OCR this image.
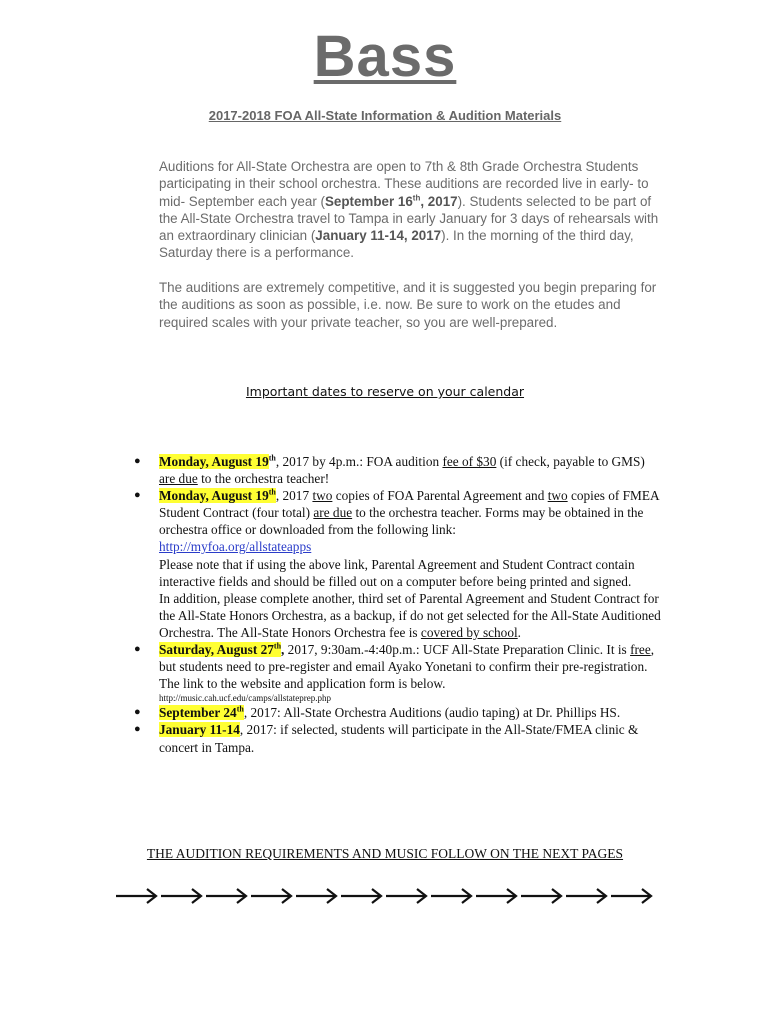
Bass
2017-2018 FOA All-State Information & Audition Materials
Auditions for All-State Orchestra are open to 7th & 8th Grade Orchestra Students participating in their school orchestra. These auditions are recorded live in early- to mid- September each year (September 16th, 2017). Students selected to be part of the All-State Orchestra travel to Tampa in early January for 3 days of rehearsals with an extraordinary clinician (January 11-14, 2017). In the morning of the third day, Saturday there is a performance.
The auditions are extremely competitive, and it is suggested you begin preparing for the auditions as soon as possible, i.e. now. Be sure to work on the etudes and required scales with your private teacher, so you are well-prepared.
Important dates to reserve on your calendar
● Monday, August 19th, 2017 by 4p.m.: FOA audition fee of $30 (if check, payable to GMS) are due to the orchestra teacher!
● Monday, August 19th, 2017 two copies of FOA Parental Agreement and two copies of FMEA Student Contract (four total) are due to the orchestra teacher. Forms may be obtained in the orchestra office or downloaded from the following link:
http://myfoa.org/allstateapps
Please note that if using the above link, Parental Agreement and Student Contract contain interactive fields and should be filled out on a computer before being printed and signed.
In addition, please complete another, third set of Parental Agreement and Student Contract for the All-State Honors Orchestra, as a backup, if do not get selected for the All-State Auditioned Orchestra. The All-State Honors Orchestra fee is covered by school.
● Saturday, August 27th, 2017, 9:30am.-4:40p.m.: UCF All-State Preparation Clinic. It is free, but students need to pre-register and email Ayako Yonetani to confirm their pre-registration. The link to the website and application form is below.
http://music.cah.ucf.edu/camps/allstateprep.php
● September 24th, 2017: All-State Orchestra Auditions (audio taping) at Dr. Phillips HS.
● January 11-14, 2017: if selected, students will participate in the All-State/FMEA clinic & concert in Tampa.
THE AUDITION REQUIREMENTS AND MUSIC FOLLOW ON THE NEXT PAGES
